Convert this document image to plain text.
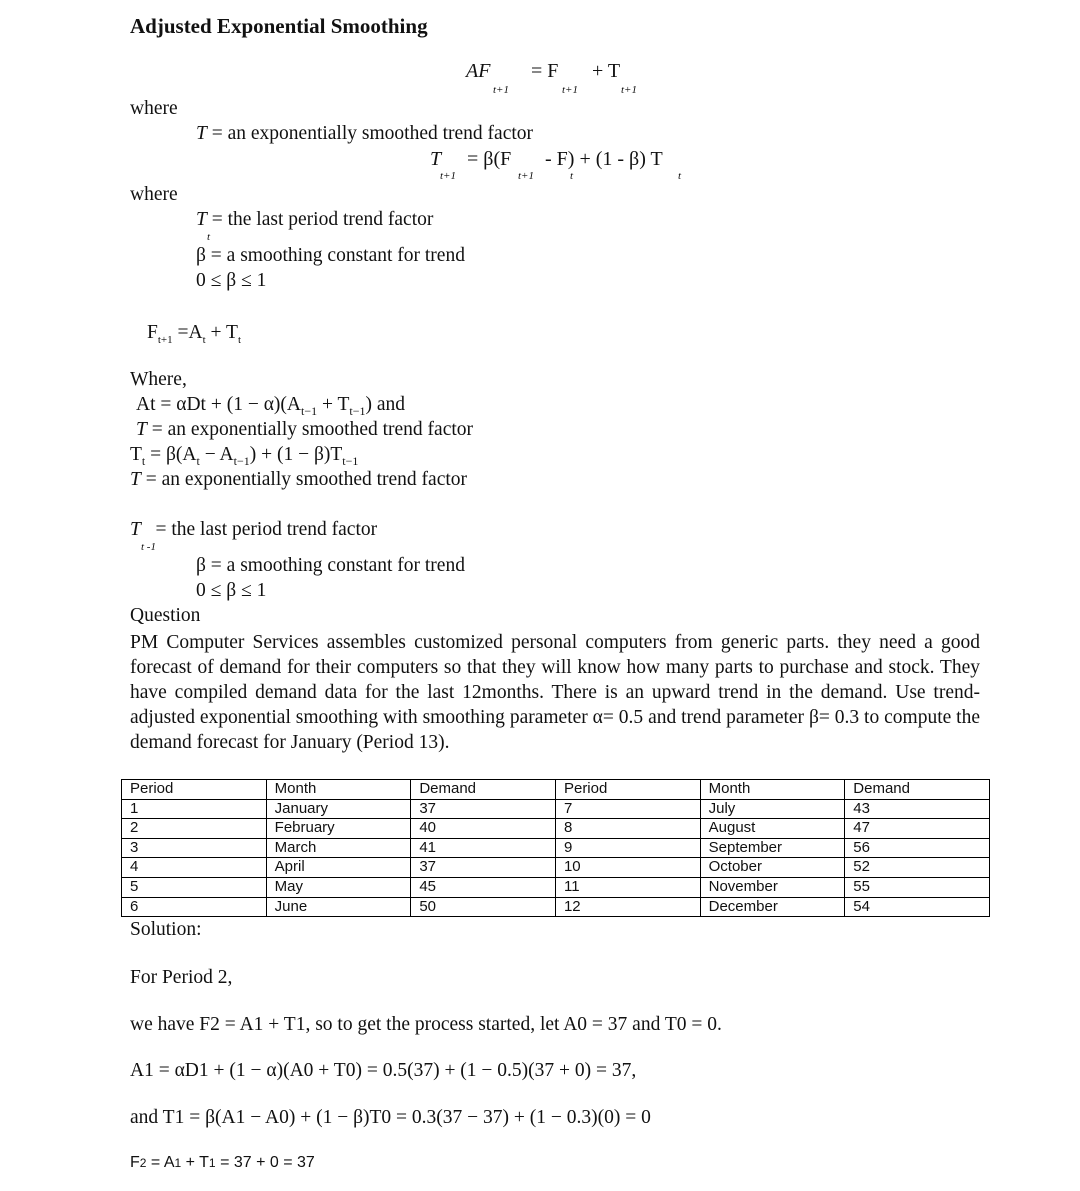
Adjusted Exponential Smoothing
AF
t+1
= F
t+1
+ T
t+1
where
T = an exponentially smoothed trend factor
T
t+1
= β(F
t+1
- F) + (1 - β) T
t	t
where
T = the last period trend factor
t
β = a smoothing constant for trend
0 ≤ β ≤ 1
$F_{t+1} =A_t + T_t$
Where,
$At = \alpha Dt + (1 - \alpha)(A_{t-1} + T_{t-1})$ and
T = an exponentially smoothed trend factor
$T_t = \beta(A_t - A_{t-1}) + (1 - \beta)T_{t-1}$
T = an exponentially smoothed trend factor
T = the last period trend factor
t -1
β = a smoothing constant for trend
0 ≤ β ≤ 1
Question
PM Computer Services assembles customized personal computers from generic parts. they need a good forecast of demand for their computers so that they will know how many parts to purchase and stock. They have compiled demand data for the last 12months. There is an upward trend in the demand. Use trend-adjusted exponential smoothing with smoothing parameter α= 0.5 and trend parameter β= 0.3 to compute the demand forecast for January (Period 13).
Period	Month	Demand	Period	Month	Demand
1	January	37	7	July	43
2	February	40	8	August	47
3	March	41	9	September	56
4	April	37	10	October	52
5	May	45	11	November	55
6	June	50	12	December	54
Solution:
For Period 2,
we have F2 = A1 + T1, so to get the process started, let A0 = 37 and T0 = 0.
A1 = αD1 + (1 − α)(A0 + T0) = 0.5(37) + (1 − 0.5)(37 + 0) = 37,
and T1 = β(A1 − A0) + (1 − β)T0 = 0.3(37 − 37) + (1 − 0.3)(0) = 0
F2 = A1 + T1 = 37 + 0 = 37
